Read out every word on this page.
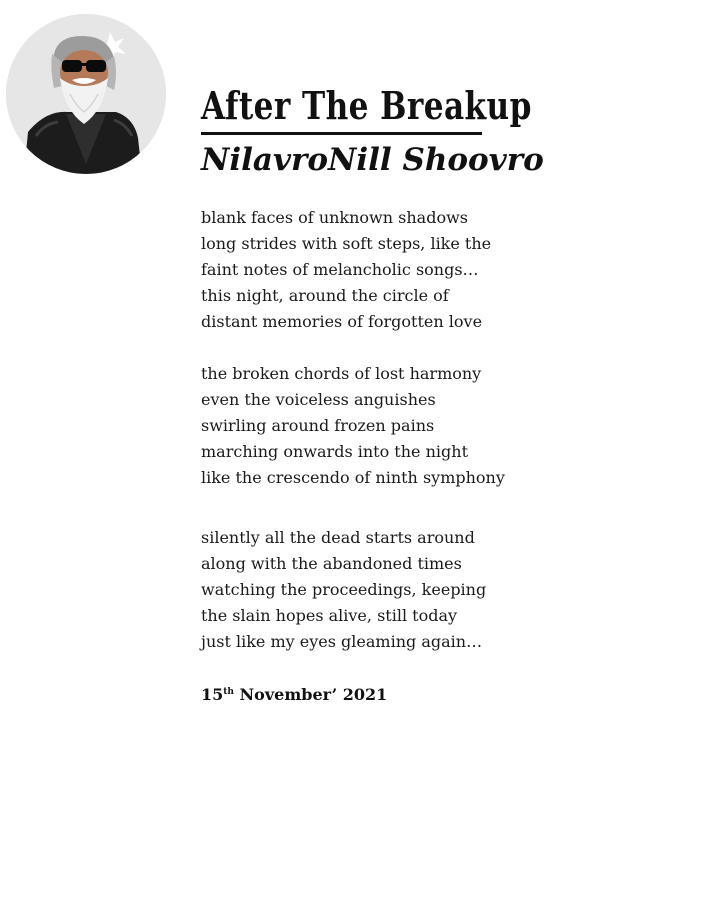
After The Breakup
NilavroNill Shoovro

blank faces of unknown shadows
long strides with soft steps, like the
faint notes of melancholic songs…
this night, around the circle of
distant memories of forgotten love

the broken chords of lost harmony
even the voiceless anguishes
swirling around frozen pains
marching onwards into the night
like the crescendo of ninth symphony

silently all the dead starts around
along with the abandoned times
watching the proceedings, keeping
the slain hopes alive, still today
just like my eyes gleaming again…

15th November’ 2021
